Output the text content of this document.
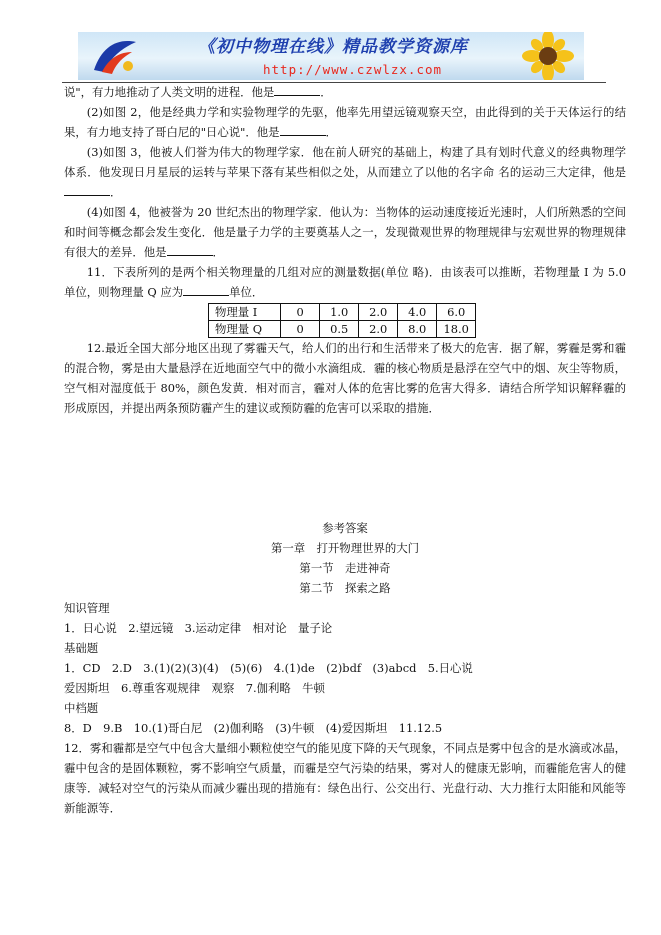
《初中物理在线》精品教学资源库
http://www.czwlzx.com

说"，有力地推动了人类文明的进程．他是	．

(2)如图 2，他是经典力学和实验物理学的先驱，他率先用望远镜观察天空，由此得到的关于天体运行的结果，有力地支持了哥白尼的"日心说"．他是	．

(3)如图 3，他被人们誉为伟大的物理学家．他在前人研究的基础上，构建了具有划时代意义的经典物理学体系．他发现日月星辰的运转与苹果下落有某些相似之处，从而建立了以他的名字命 名的运动三大定律，他是．

(4)如图 4，他被誉为 20 世纪杰出的物理学家．他认为：当物体的运动速度接近光速时，人们所熟悉的空间和时间等概念都会发生变化．他是量子力学的主要奠基人之一，发现微观世界的物理规律与宏观世界的物理规律有很大的差异．他是	．

11．下表所列的是两个相关物理量的几组对应的测量数据(单位 略)．由该表可以推断，若物理量 I 为 5.0 单位，则物理量 Q 应为	单位．

物理量 I	0	1.0	2.0	4.0	6.0
物理量 Q	0	0.5	2.0	8.0	18.0

12.最近全国大部分地区出现了雾霾天气，给人们的出行和生活带来了极大的危害．据了解，雾霾是雾和霾的混合物，雾是由大量悬浮在近地面空气中的微小水滴组成．霾的核心物质是悬浮在空气中的烟、灰尘等物质，空气相对湿度低于 80%，颜色发黄．相对而言，霾对人体的危害比雾的危害大得多．请结合所学知识解释霾的形成原因，并提出两条预防霾产生的建议或预防霾的危害可以采取的措施．

参考答案

第一章　打开物理世界的大门

第一节　走进神奇

第二节　探索之路

知识管理

1．日心说　2.望远镜　3.运动定律　相对论　量子论

基础题

1．CD　2.D　3.(1)(2)(3)(4)　(5)(6)　4.(1)de　(2)bdf　(3)abcd　5.日心说

爱因斯坦　6.尊重客观规律　观察　7.伽利略　牛顿

中档题

8．D　9.B　10.(1)哥白尼　(2)伽利略　(3)牛顿　(4)爱因斯坦　11.12.5

12．雾和霾都是空气中包含大量细小颗粒使空气的能见度下降的天气现象，不同点是雾中包含的是水滴或冰晶，霾中包含的是固体颗粒，雾不影响空气质量，而霾是空气污染的结果，雾对人的健康无影响，而霾能危害人的健康等．减轻对空气的污染从而减少霾出现的措施有：绿色出行、公交出行、光盘行动、大力推行太阳能和风能等新能源等．
